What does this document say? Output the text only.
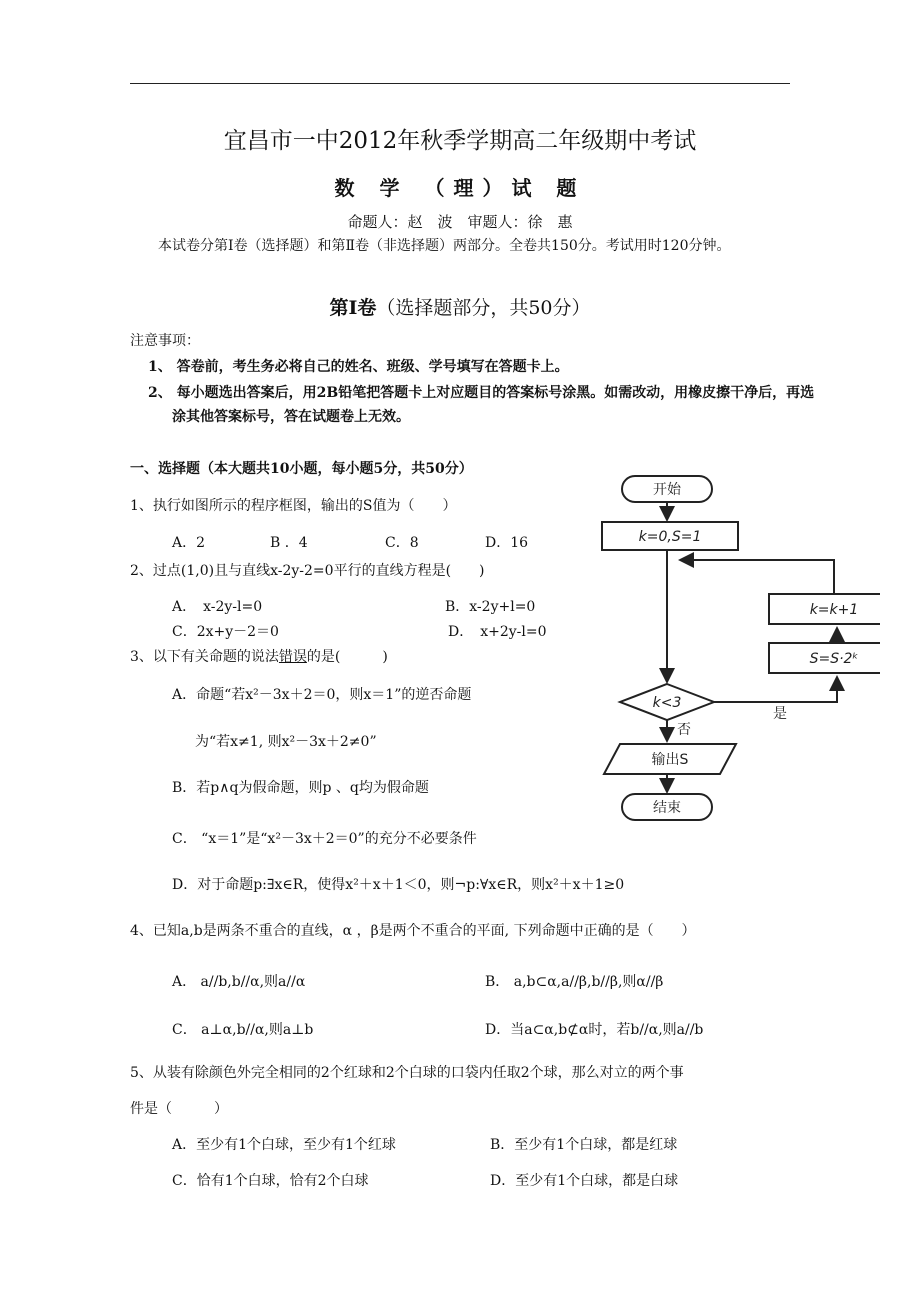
宜昌市一中2012年秋季学期高二年级期中考试
数 学 （理）试 题
命题人：赵　波　审题人：徐　惠
本试卷分第Ⅰ卷（选择题）和第Ⅱ卷（非选择题）两部分。全卷共150分。考试用时120分钟。
第Ⅰ卷（选择题部分，共50分）
注意事项：
1、 答卷前，考生务必将自己的姓名、班级、学号填写在答题卡上。
2、 每小题选出答案后，用2B铅笔把答题卡上对应题目的答案标号涂黑。如需改动，用橡皮擦干净后，再选涂其他答案标号，答在试题卷上无效。
一、选择题（本大题共10小题，每小题5分，共50分）
1、执行如图所示的程序框图，输出的S值为（　　）
A．2	B ．4	C．8	D．16
2、过点(1,0)且与直线x-2y-2=0平行的直线方程是(　　)
A．　x-2y-l=0	B．x-2y+l=0
C．2x+y－2＝0	D．　x+2y-l=0
3、以下有关命题的说法错误的是(　　　)
A．命题“若x²－3x＋2＝0，则x＝1”的逆否命题
为“若x≠1, 则x²－3x＋2≠0”
B．若p∧q为假命题，则p 、q均为假命题
C． “x＝1”是“x²－3x＋2＝0”的充分不必要条件
D．对于命题p:∃x∈R，使得x²＋x＋1＜0，则¬p:∀x∈R，则x²＋x＋1≥0
4、已知a,b是两条不重合的直线，α ，β是两个不重合的平面, 下列命题中正确的是（　　）
A． a//b,b//α,则a//α	B． a,b⊂α,a//β,b//β,则α//β
C． a⊥α,b//α,则a⊥b	D．当a⊂α,b⊄α时，若b//α,则a//b
5、从装有除颜色外完全相同的2个红球和2个白球的口袋内任取2个球，那么对立的两个事
件是（　　　）
A．至少有1个白球，至少有1个红球	B．至少有1个白球，都是红球
C．恰有1个白球，恰有2个白球	D．至少有1个白球，都是白球
开始
k=0,S=1
k=k+1
S=S·2ᵏ
k<3
是
否
输出S
结束
